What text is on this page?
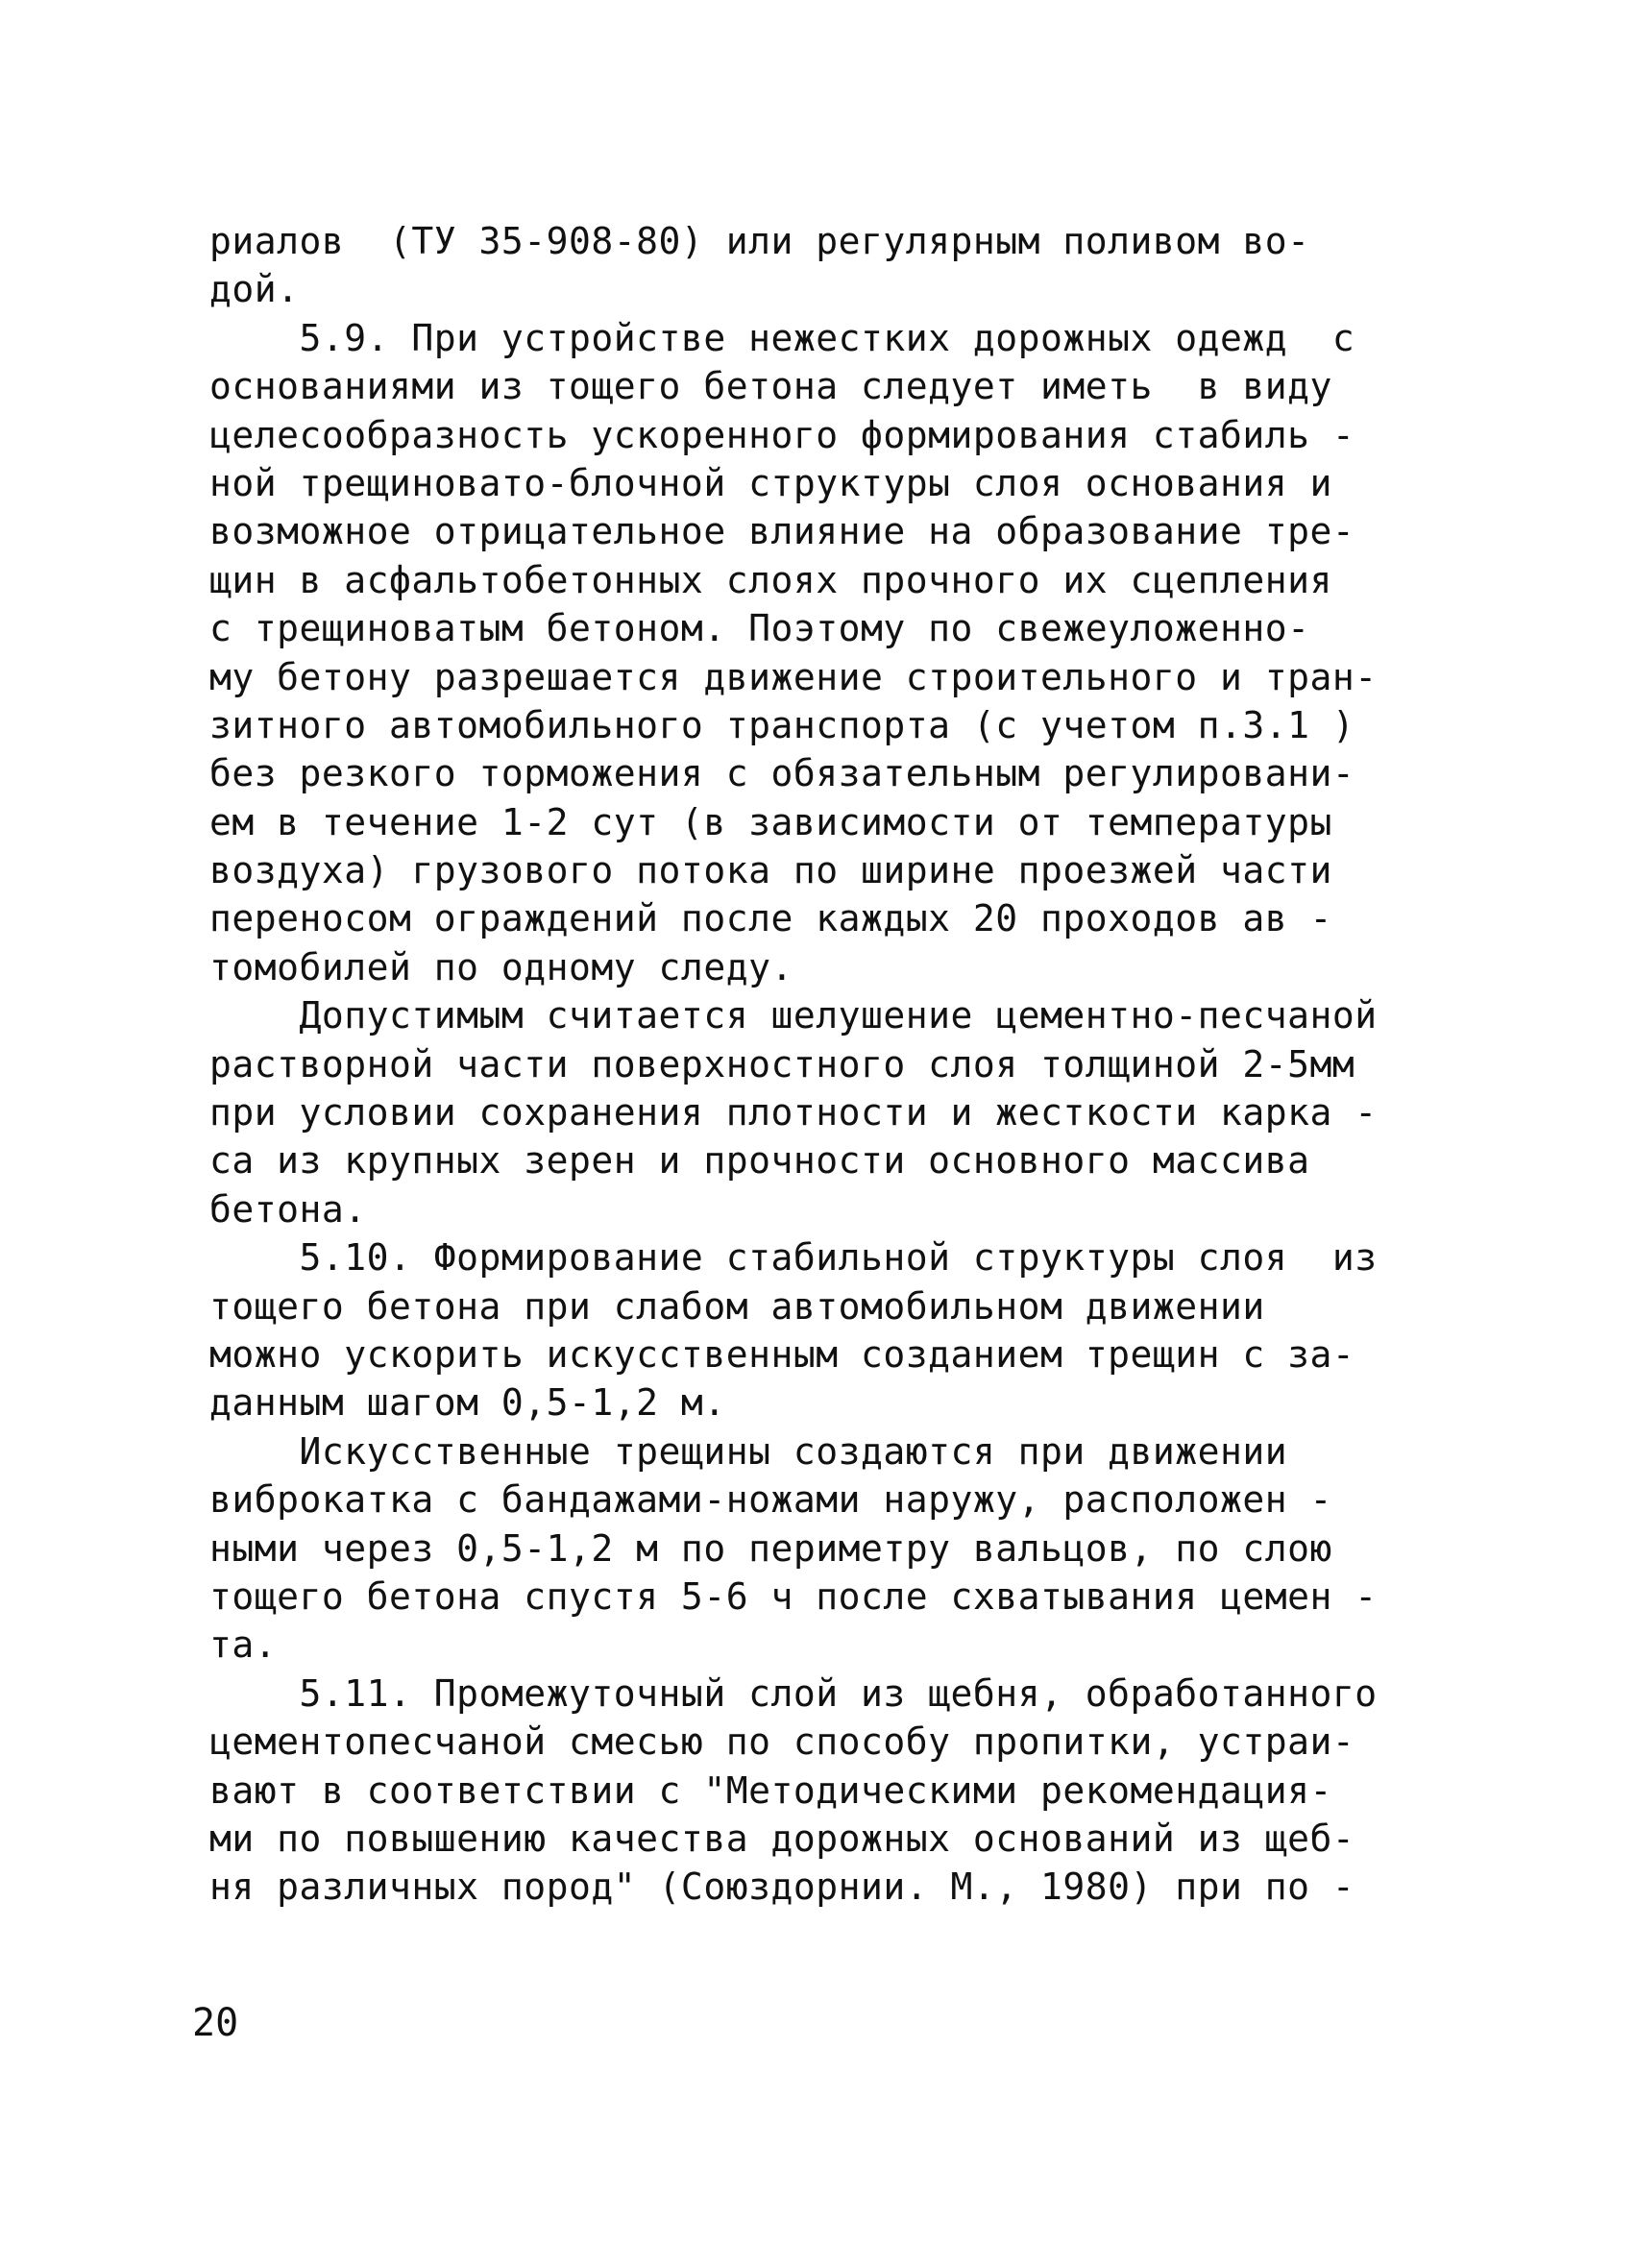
риалов  (ТУ 35-908-80) или регулярным поливом во-
дой.
5.9. При устройстве нежестких дорожных одежд  с
основаниями из тощего бетона следует иметь  в виду
целесообразность ускоренного формирования стабиль -
ной трещиновато-блочной структуры слоя основания и
возможное отрицательное влияние на образование тре-
щин в асфальтобетонных слоях прочного их сцепления
с трещиноватым бетоном. Поэтому по свежеуложенно-
му бетону разрешается движение строительного и тран-
зитного автомобильного транспорта (с учетом п.3.1 )
без резкого торможения с обязательным регулировани-
ем в течение 1-2 сут (в зависимости от температуры
воздуха) грузового потока по ширине проезжей части
переносом ограждений после каждых 20 проходов ав -
томобилей по одному следу.
Допустимым считается шелушение цементно-песчаной
растворной части поверхностного слоя толщиной 2-5мм
при условии сохранения плотности и жесткости карка -
са из крупных зерен и прочности основного массива
бетона.
5.10. Формирование стабильной структуры слоя  из
тощего бетона при слабом автомобильном движении
можно ускорить искусственным созданием трещин с за-
данным шагом 0,5-1,2 м.
Искусственные трещины создаются при движении
виброкатка с бандажами-ножами наружу, расположен -
ными через 0,5-1,2 м по периметру вальцов, по слою
тощего бетона спустя 5-6 ч после схватывания цемен -
та.
5.11. Промежуточный слой из щебня, обработанного
цементопесчаной смесью по способу пропитки, устраи-
вают в соответствии с "Методическими рекомендация-
ми по повышению качества дорожных оснований из щеб-
ня различных пород" (Союздорнии. М., 1980) при по -
20
